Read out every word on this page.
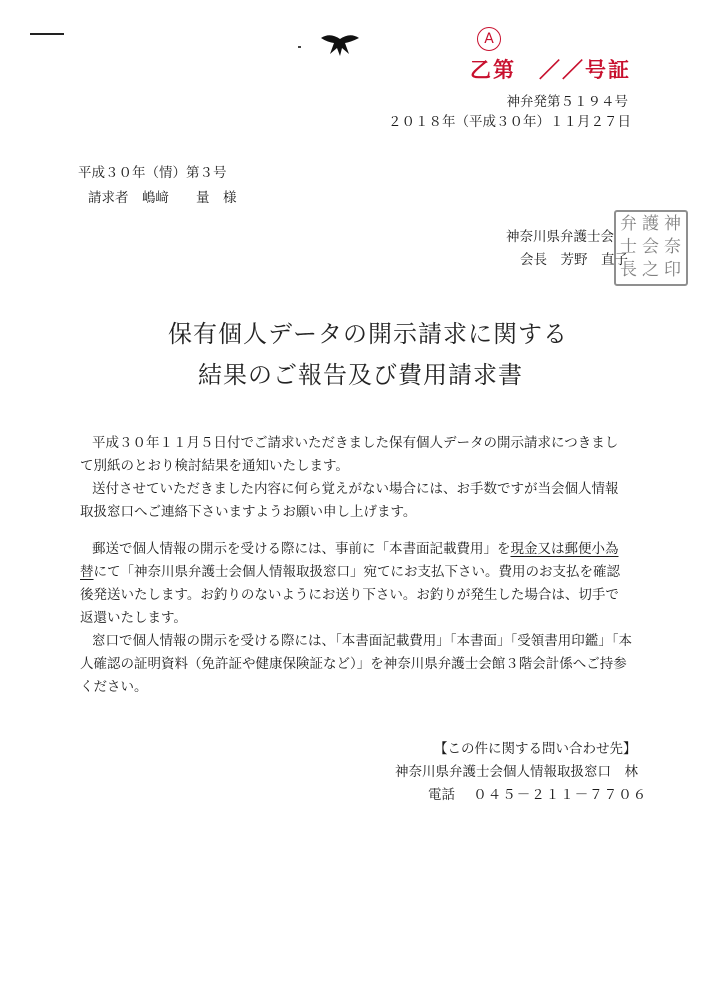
A
乙第　／／号証
神弁発第５１９４号
２０１８年（平成３０年）１１月２７日
平成３０年（情）第３号
請求者　嶋﨑　　量　様
神奈川県弁護士会
会長　芳野　直子
弁 護 神
士 会 奈
長 之 印
保有個人データの開示請求に関する
結果のご報告及び費用請求書
平成３０年１１月５日付でご請求いただきました保有個人データの開示請求につきまし
て別紙のとおり検討結果を通知いたします。
送付させていただきました内容に何ら覚えがない場合には、お手数ですが当会個人情報
取扱窓口へご連絡下さいますようお願い申し上げます。
郵送で個人情報の開示を受ける際には、事前に「本書面記載費用」を現金又は郵便小為
替にて「神奈川県弁護士会個人情報取扱窓口」宛てにお支払下さい。費用のお支払を確認
後発送いたします。お釣りのないようにお送り下さい。お釣りが発生した場合は、切手で
返還いたします。
窓口で個人情報の開示を受ける際には、「本書面記載費用」「本書面」「受領書用印鑑」「本
人確認の証明資料（免許証や健康保険証など）」を神奈川県弁護士会館３階会計係へご持参
ください。
【この件に関する問い合わせ先】
神奈川県弁護士会個人情報取扱窓口　林
電話 ０４５－２１１－７７０６
